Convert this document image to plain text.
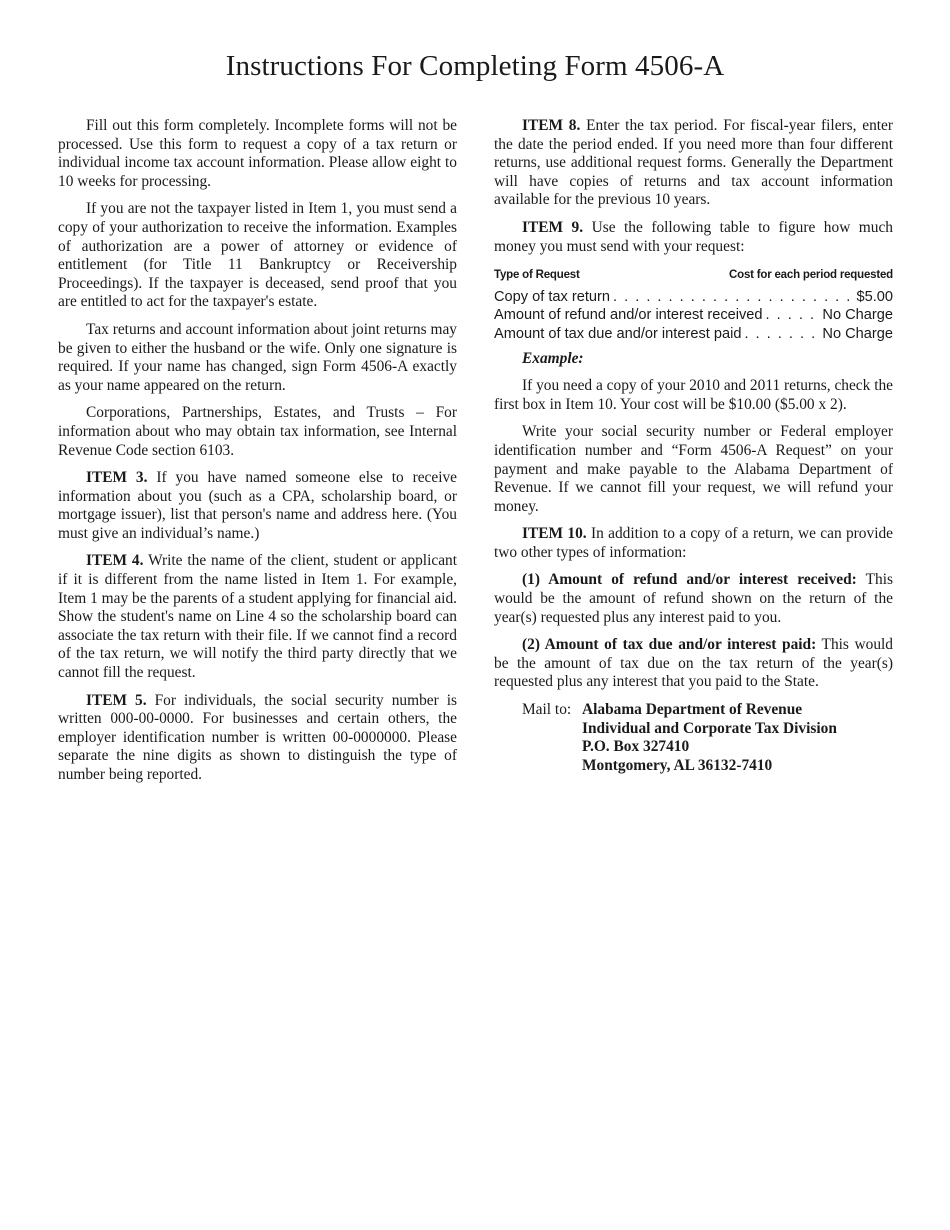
Instructions For Completing Form 4506-A

Fill out this form completely. Incomplete forms will not be processed. Use this form to request a copy of a tax return or individual income tax account information. Please allow eight to 10 weeks for processing.

If you are not the taxpayer listed in Item 1, you must send a copy of your authorization to receive the information. Examples of authorization are a power of attorney or evidence of entitlement (for Title 11 Bankruptcy or Receivership Proceedings). If the taxpayer is deceased, send proof that you are entitled to act for the taxpayer's estate.

Tax returns and account information about joint returns may be given to either the husband or the wife. Only one signature is required. If your name has changed, sign Form 4506-A exactly as your name appeared on the return.

Corporations, Partnerships, Estates, and Trusts – For information about who may obtain tax information, see Internal Revenue Code section 6103.

ITEM 3. If you have named someone else to receive information about you (such as a CPA, scholarship board, or mortgage issuer), list that person's name and address here. (You must give an individual’s name.)

ITEM 4. Write the name of the client, student or applicant if it is different from the name listed in Item 1. For example, Item 1 may be the parents of a student applying for financial aid. Show the student's name on Line 4 so the scholarship board can associate the tax return with their file. If we cannot find a record of the tax return, we will notify the third party directly that we cannot fill the request.

ITEM 5. For individuals, the social security number is written 000-00-0000. For businesses and certain others, the employer identification number is written 00-0000000. Please separate the nine digits as shown to distinguish the type of number being reported.

ITEM 8. Enter the tax period. For fiscal-year filers, enter the date the period ended. If you need more than four different returns, use additional request forms. Generally the Department will have copies of returns and tax account information available for the previous 10 years.

ITEM 9. Use the following table to figure how much money you must send with your request:

Type of Request	Cost for each period requested
Copy of tax return . . .	$5.00
Amount of refund and/or interest received . . .	No Charge
Amount of tax due and/or interest paid . . .	No Charge
Example:

If you need a copy of your 2010 and 2011 returns, check the first box in Item 10. Your cost will be $10.00 ($5.00 x 2).

Write your social security number or Federal employer identification number and “Form 4506-A Request” on your payment and make payable to the Alabama Department of Revenue. If we cannot fill your request, we will refund your money.

ITEM 10. In addition to a copy of a return, we can provide two other types of information:

(1) Amount of refund and/or interest received: This would be the amount of refund shown on the return of the year(s) requested plus any interest paid to you.

(2) Amount of tax due and/or interest paid: This would be the amount of tax due on the tax return of the year(s) requested plus any interest that you paid to the State.

Mail to: Alabama Department of Revenue
Individual and Corporate Tax Division
P.O. Box 327410
Montgomery, AL 36132-7410
